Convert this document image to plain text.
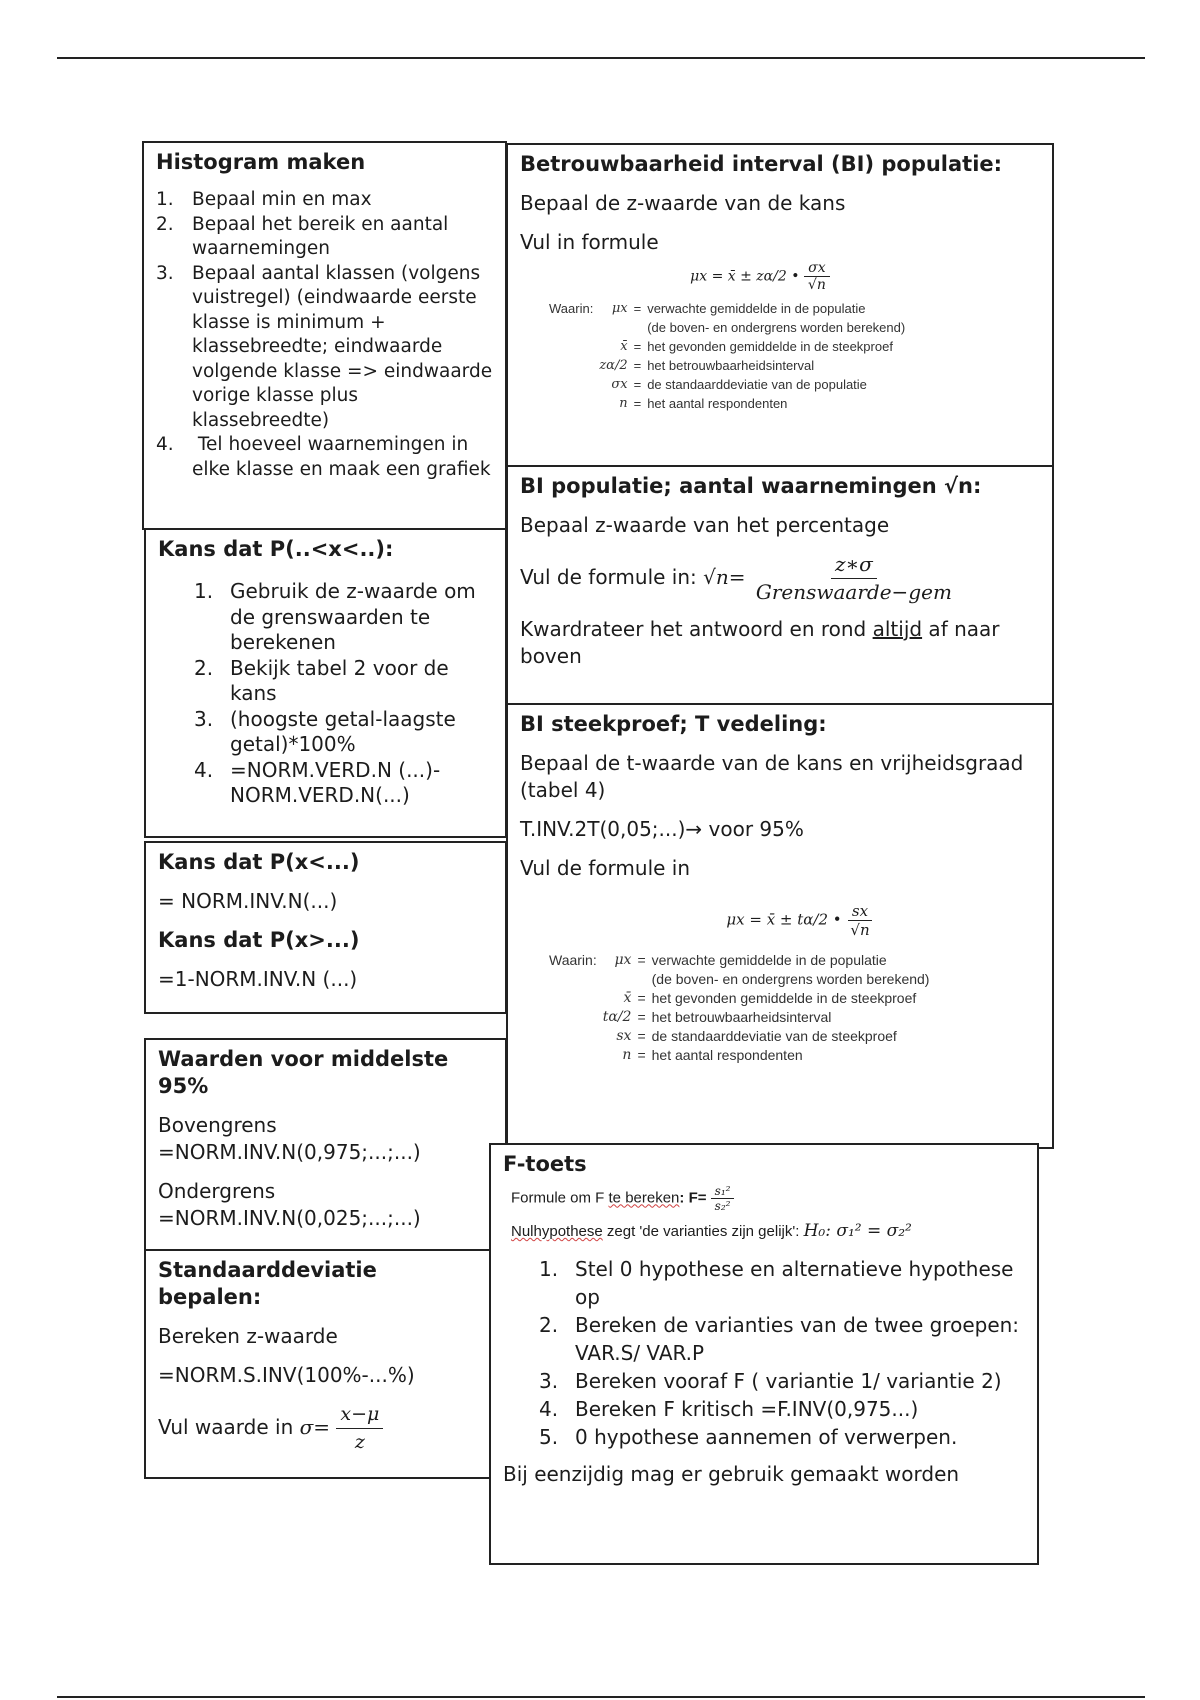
Histogram maken
1. Bepaal min en max
2. Bepaal het bereik en aantal waarnemingen
3. Bepaal aantal klassen (volgens vuistregel) (eindwaarde eerste klasse is minimum + klassebreedte; eindwaarde volgende klasse => eindwaarde vorige klasse plus klassebreedte)
4. Tel hoeveel waarnemingen in elke klasse en maak een grafiek
Betrouwbaarheid interval (BI) populatie:

Bepaal de z-waarde van de kans

Vul in formule

μx = x̄ ± zα/2 • $\frac{\sigma x}{√n}$
Waarin:	μx	=	verwachte gemiddelde in de populatie
			(de boven- en ondergrens worden berekend)
	x̄	=	het gevonden gemiddelde in de steekproef
	zα/2	=	het betrouwbaarheidsinterval
	σx	=	de standaarddeviatie van de populatie
	n	=	het aantal respondenten
BI populatie; aantal waarnemingen √n:

Bepaal z-waarde van het percentage

Vul de formule in: $√n= \frac{z∗\sigma}{\text{Grenswaarde−gem}}$

Kwardrateer het antwoord en rond altijd af naar boven

Kans dat P(..<x<..):
1. Gebruik de z-waarde om de grenswaarden te berekenen
2. Bekijk tabel 2 voor de kans
3. (hoogste getal-laagste getal)*100%
4. =NORM.VERD.N (...)-NORM.VERD.N(...)
BI steekproef; T vedeling:

Bepaal de t-waarde van de kans en vrijheidsgraad (tabel 4)

T.INV.2T(0,05;...)→ voor 95%

Vul de formule in

μx = x̄ ± tα/2 • $\frac{sx}{√n}$
Waarin:	μx	=	verwachte gemiddelde in de populatie
			(de boven- en ondergrens worden berekend)
	x̄	=	het gevonden gemiddelde in de steekproef
	tα/2	=	het betrouwbaarheidsinterval
	sx	=	de standaarddeviatie van de steekproef
	n	=	het aantal respondenten
Kans dat P(x<...)

= NORM.INV.N(...)

Kans dat P(x>...)

=1-NORM.INV.N (...)

Waarden voor middelste 95%

Bovengrens
=NORM.INV.N(0,975;...;...)

Ondergrens
=NORM.INV.N(0,025;...;...)

Standaarddeviatie bepalen:

Bereken z-waarde

=NORM.S.INV(100%-...%)

Vul waarde in $\sigma= \frac{x-\mu}{z}$

F-toets
Formule om F te bereken: $F= \frac{\text{s₁²}}{\text{s₂²}}$
Nulhypothese zegt 'de varianties zijn gelijk': H₀: σ₁² = σ₂²
1. Stel 0 hypothese en alternatieve hypothese op
2. Bereken de varianties van de twee groepen: VAR.S/ VAR.P
3. Bereken vooraf F ( variantie 1/ variantie 2)
4. Bereken F kritisch =F.INV(0,975...)
5. 0 hypothese aannemen of verwerpen.

Bij eenzijdig mag er gebruik gemaakt worden
